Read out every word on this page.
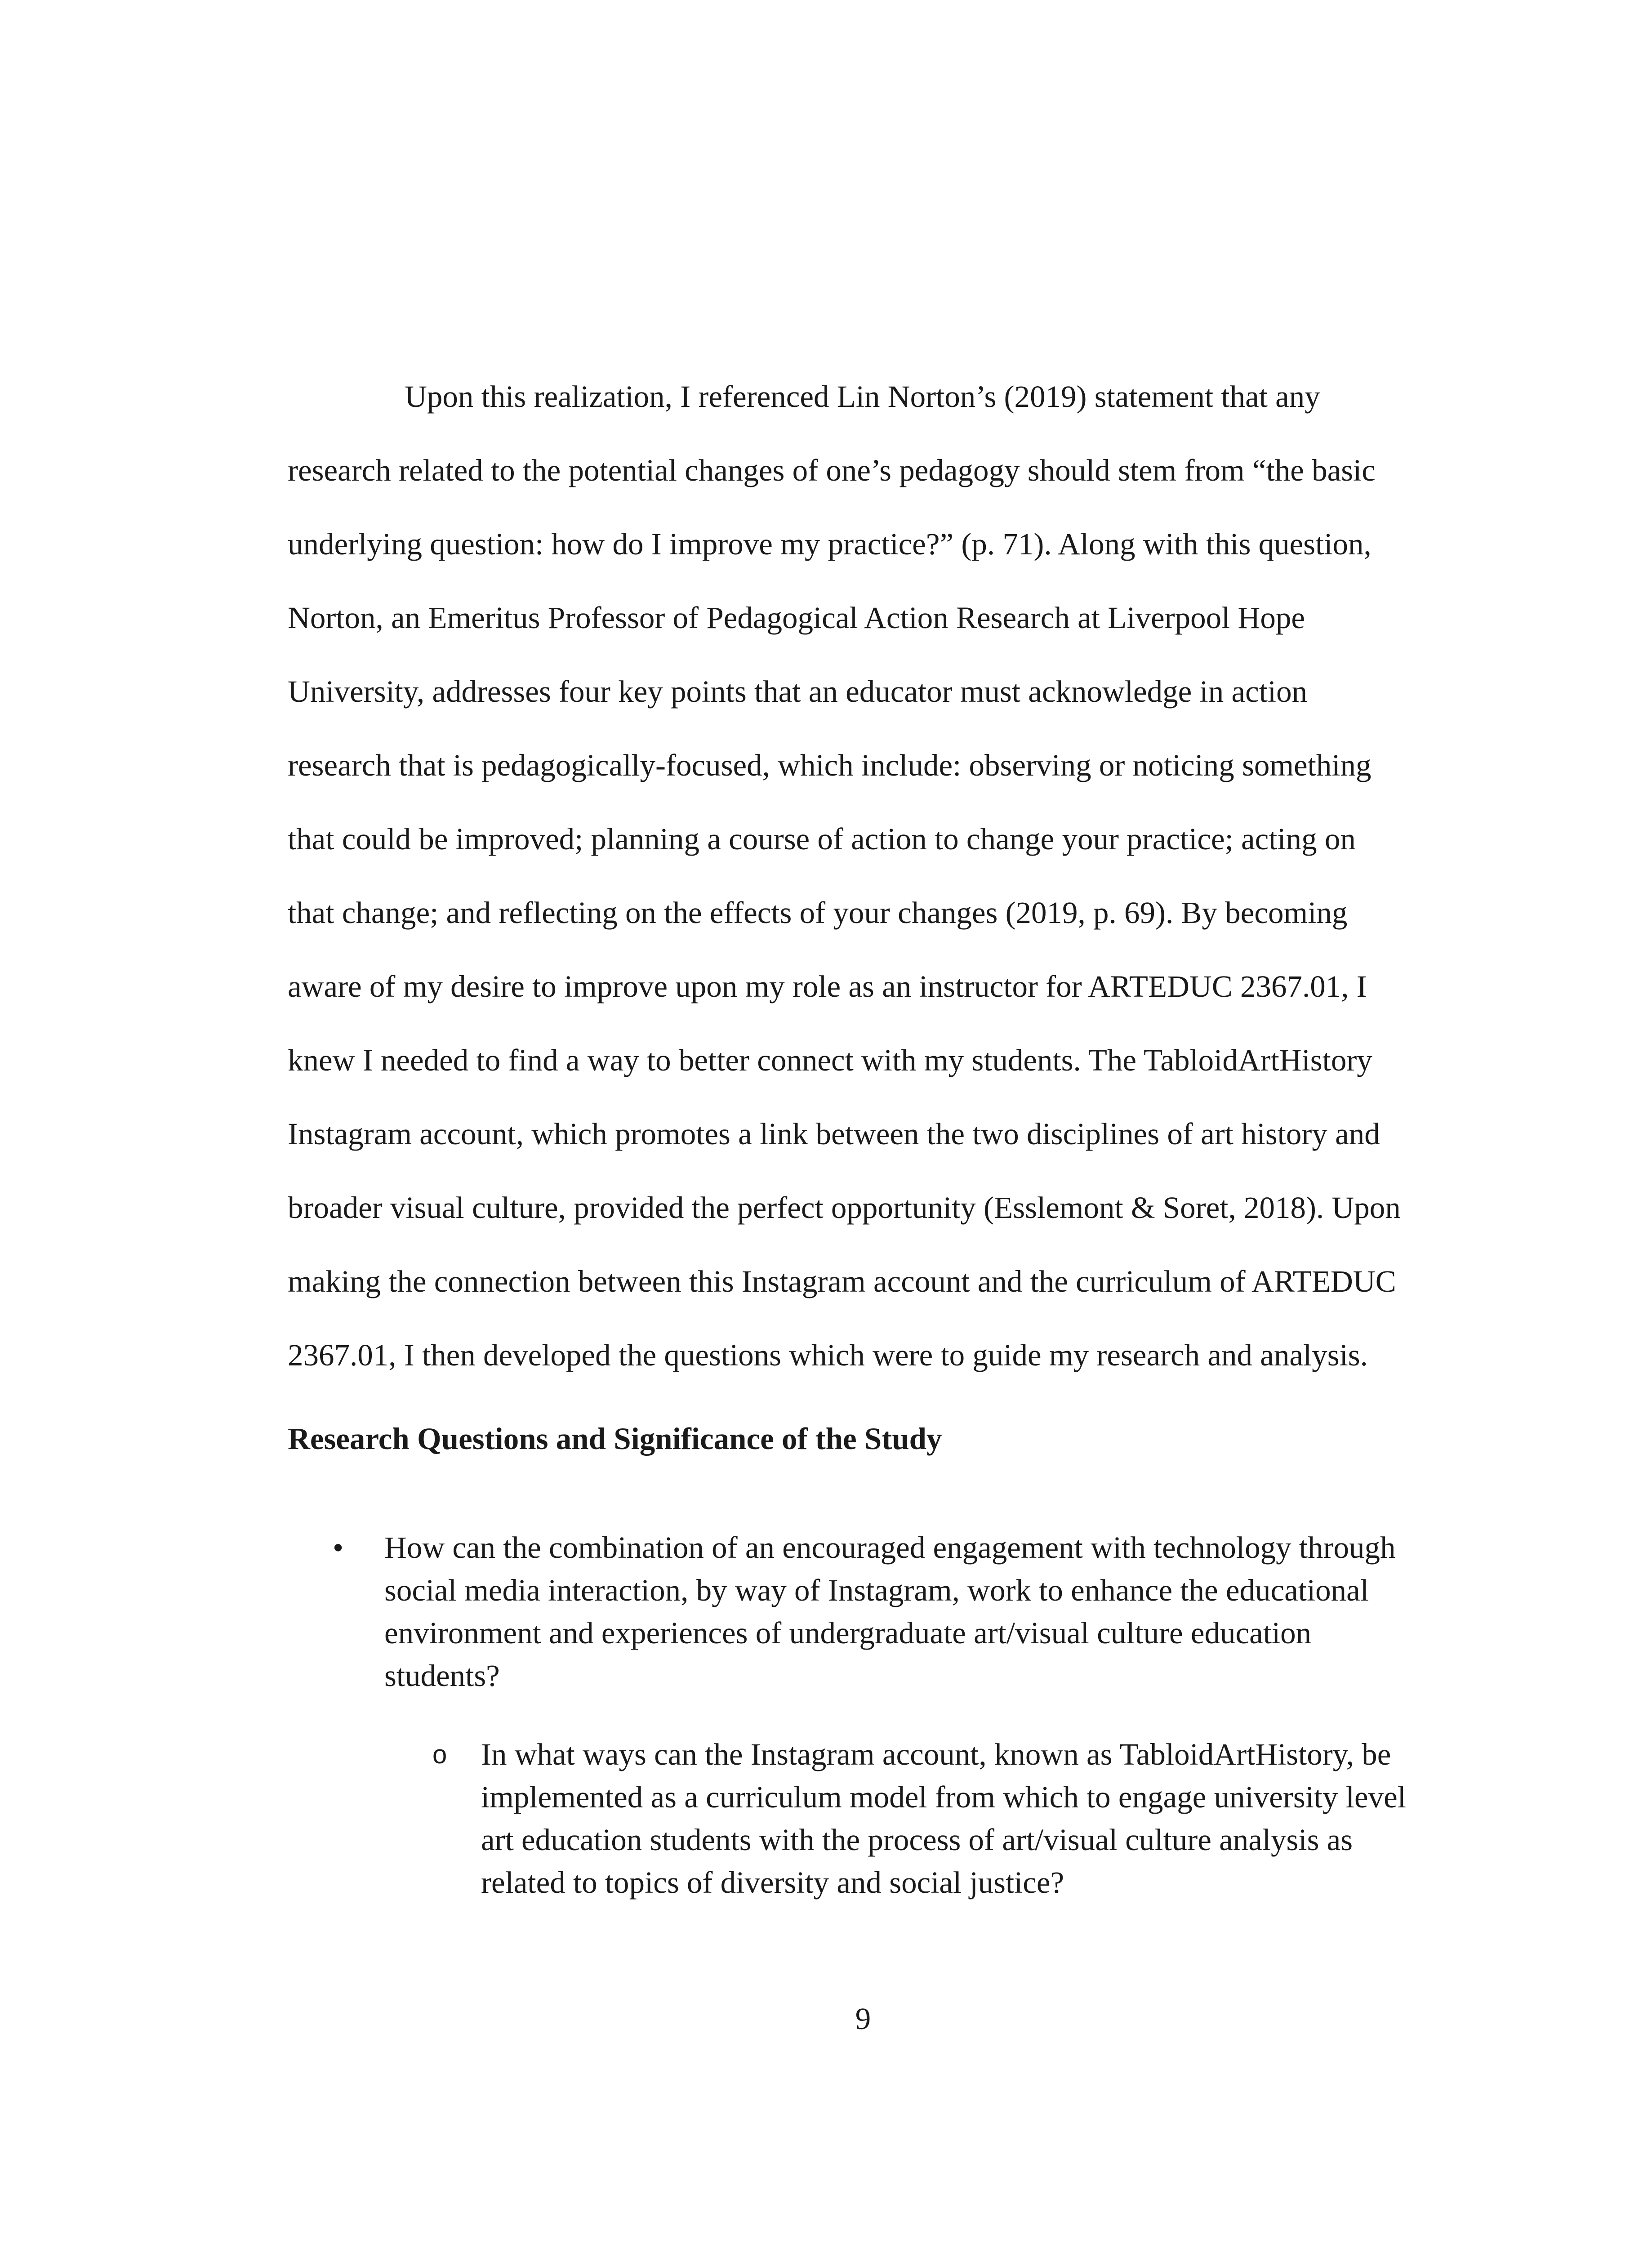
Upon this realization, I referenced Lin Norton’s (2019) statement that any
research related to the potential changes of one’s pedagogy should stem from “the basic
underlying question: how do I improve my practice?” (p. 71). Along with this question,
Norton, an Emeritus Professor of Pedagogical Action Research at Liverpool Hope
University, addresses four key points that an educator must acknowledge in action
research that is pedagogically-focused, which include: observing or noticing something
that could be improved; planning a course of action to change your practice; acting on
that change; and reflecting on the effects of your changes (2019, p. 69). By becoming
aware of my desire to improve upon my role as an instructor for ARTEDUC 2367.01, I
knew I needed to find a way to better connect with my students. The TabloidArtHistory
Instagram account, which promotes a link between the two disciplines of art history and
broader visual culture, provided the perfect opportunity (Esslemont & Soret, 2018). Upon
making the connection between this Instagram account and the curriculum of ARTEDUC
2367.01, I then developed the questions which were to guide my research and analysis.
Research Questions and Significance of the Study
• How can the combination of an encouraged engagement with technology through
social media interaction, by way of Instagram, work to enhance the educational
environment and experiences of undergraduate art/visual culture education
students?
o In what ways can the Instagram account, known as TabloidArtHistory, be
implemented as a curriculum model from which to engage university level
art education students with the process of art/visual culture analysis as
related to topics of diversity and social justice?
9
